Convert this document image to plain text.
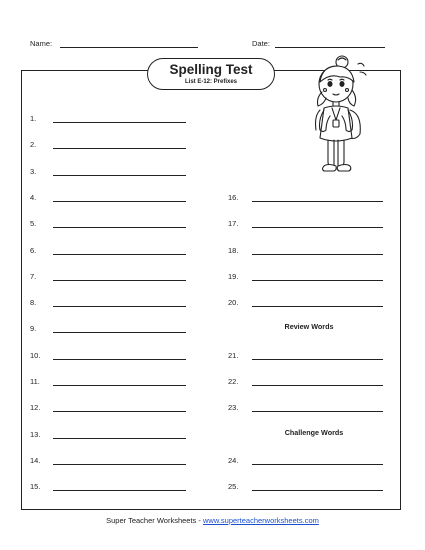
Name:	Date:
Spelling Test
List E-12: Prefixes
1.
2.
3.
4.
5.
6.
7.
8.
9.
10.
11.
12.
13.
14.
15.
16.
17.
18.
19.
20.
21.
22.
23.
24.
25.
Review Words
Challenge Words
Super Teacher Worksheets - www.superteacherworksheets.com
